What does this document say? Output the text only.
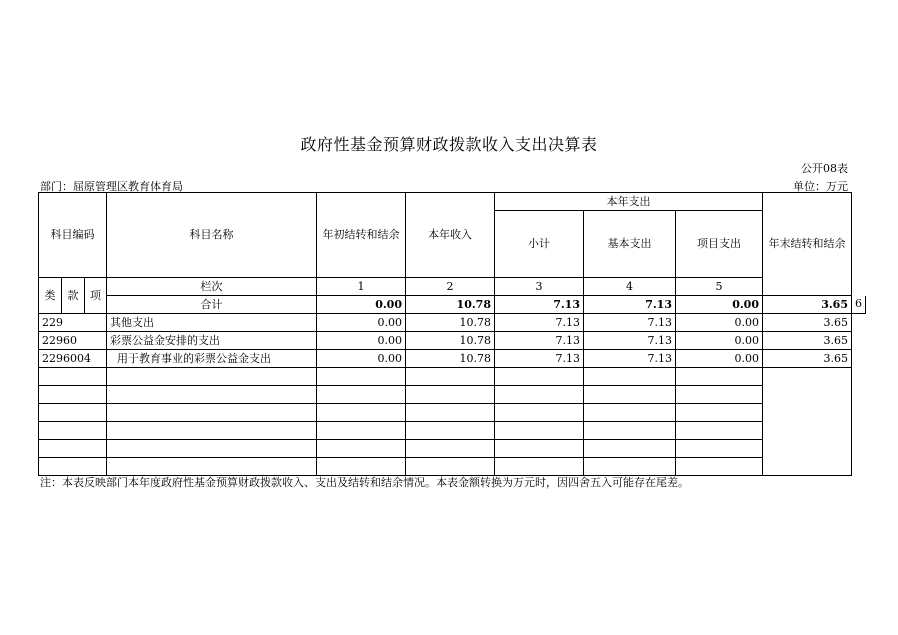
政府性基金预算财政拨款收入支出决算表
公开08表
部门：屈原管理区教育体育局	单位：万元
科目编码			科目名称	年初结转和结余	本年收入	本年支出			年末结转和结余	
						小计	基本支出	项目支出		

类	款	项	栏次	1	2	3	4	5		
			合计	0.00	10.78	7.13	7.13	0.00	3.65	6
229			其他支出	0.00	10.78	7.13	7.13	0.00	3.65	
22960			彩票公益金安排的支出	0.00	10.78	7.13	7.13	0.00	3.65	
2296004			用于教育事业的彩票公益金支出	0.00	10.78	7.13	7.13	0.00	3.65	

注：本表反映部门本年度政府性基金预算财政拨款收入、支出及结转和结余情况。本表金额转换为万元时，因四舍五入可能存在尾差。
